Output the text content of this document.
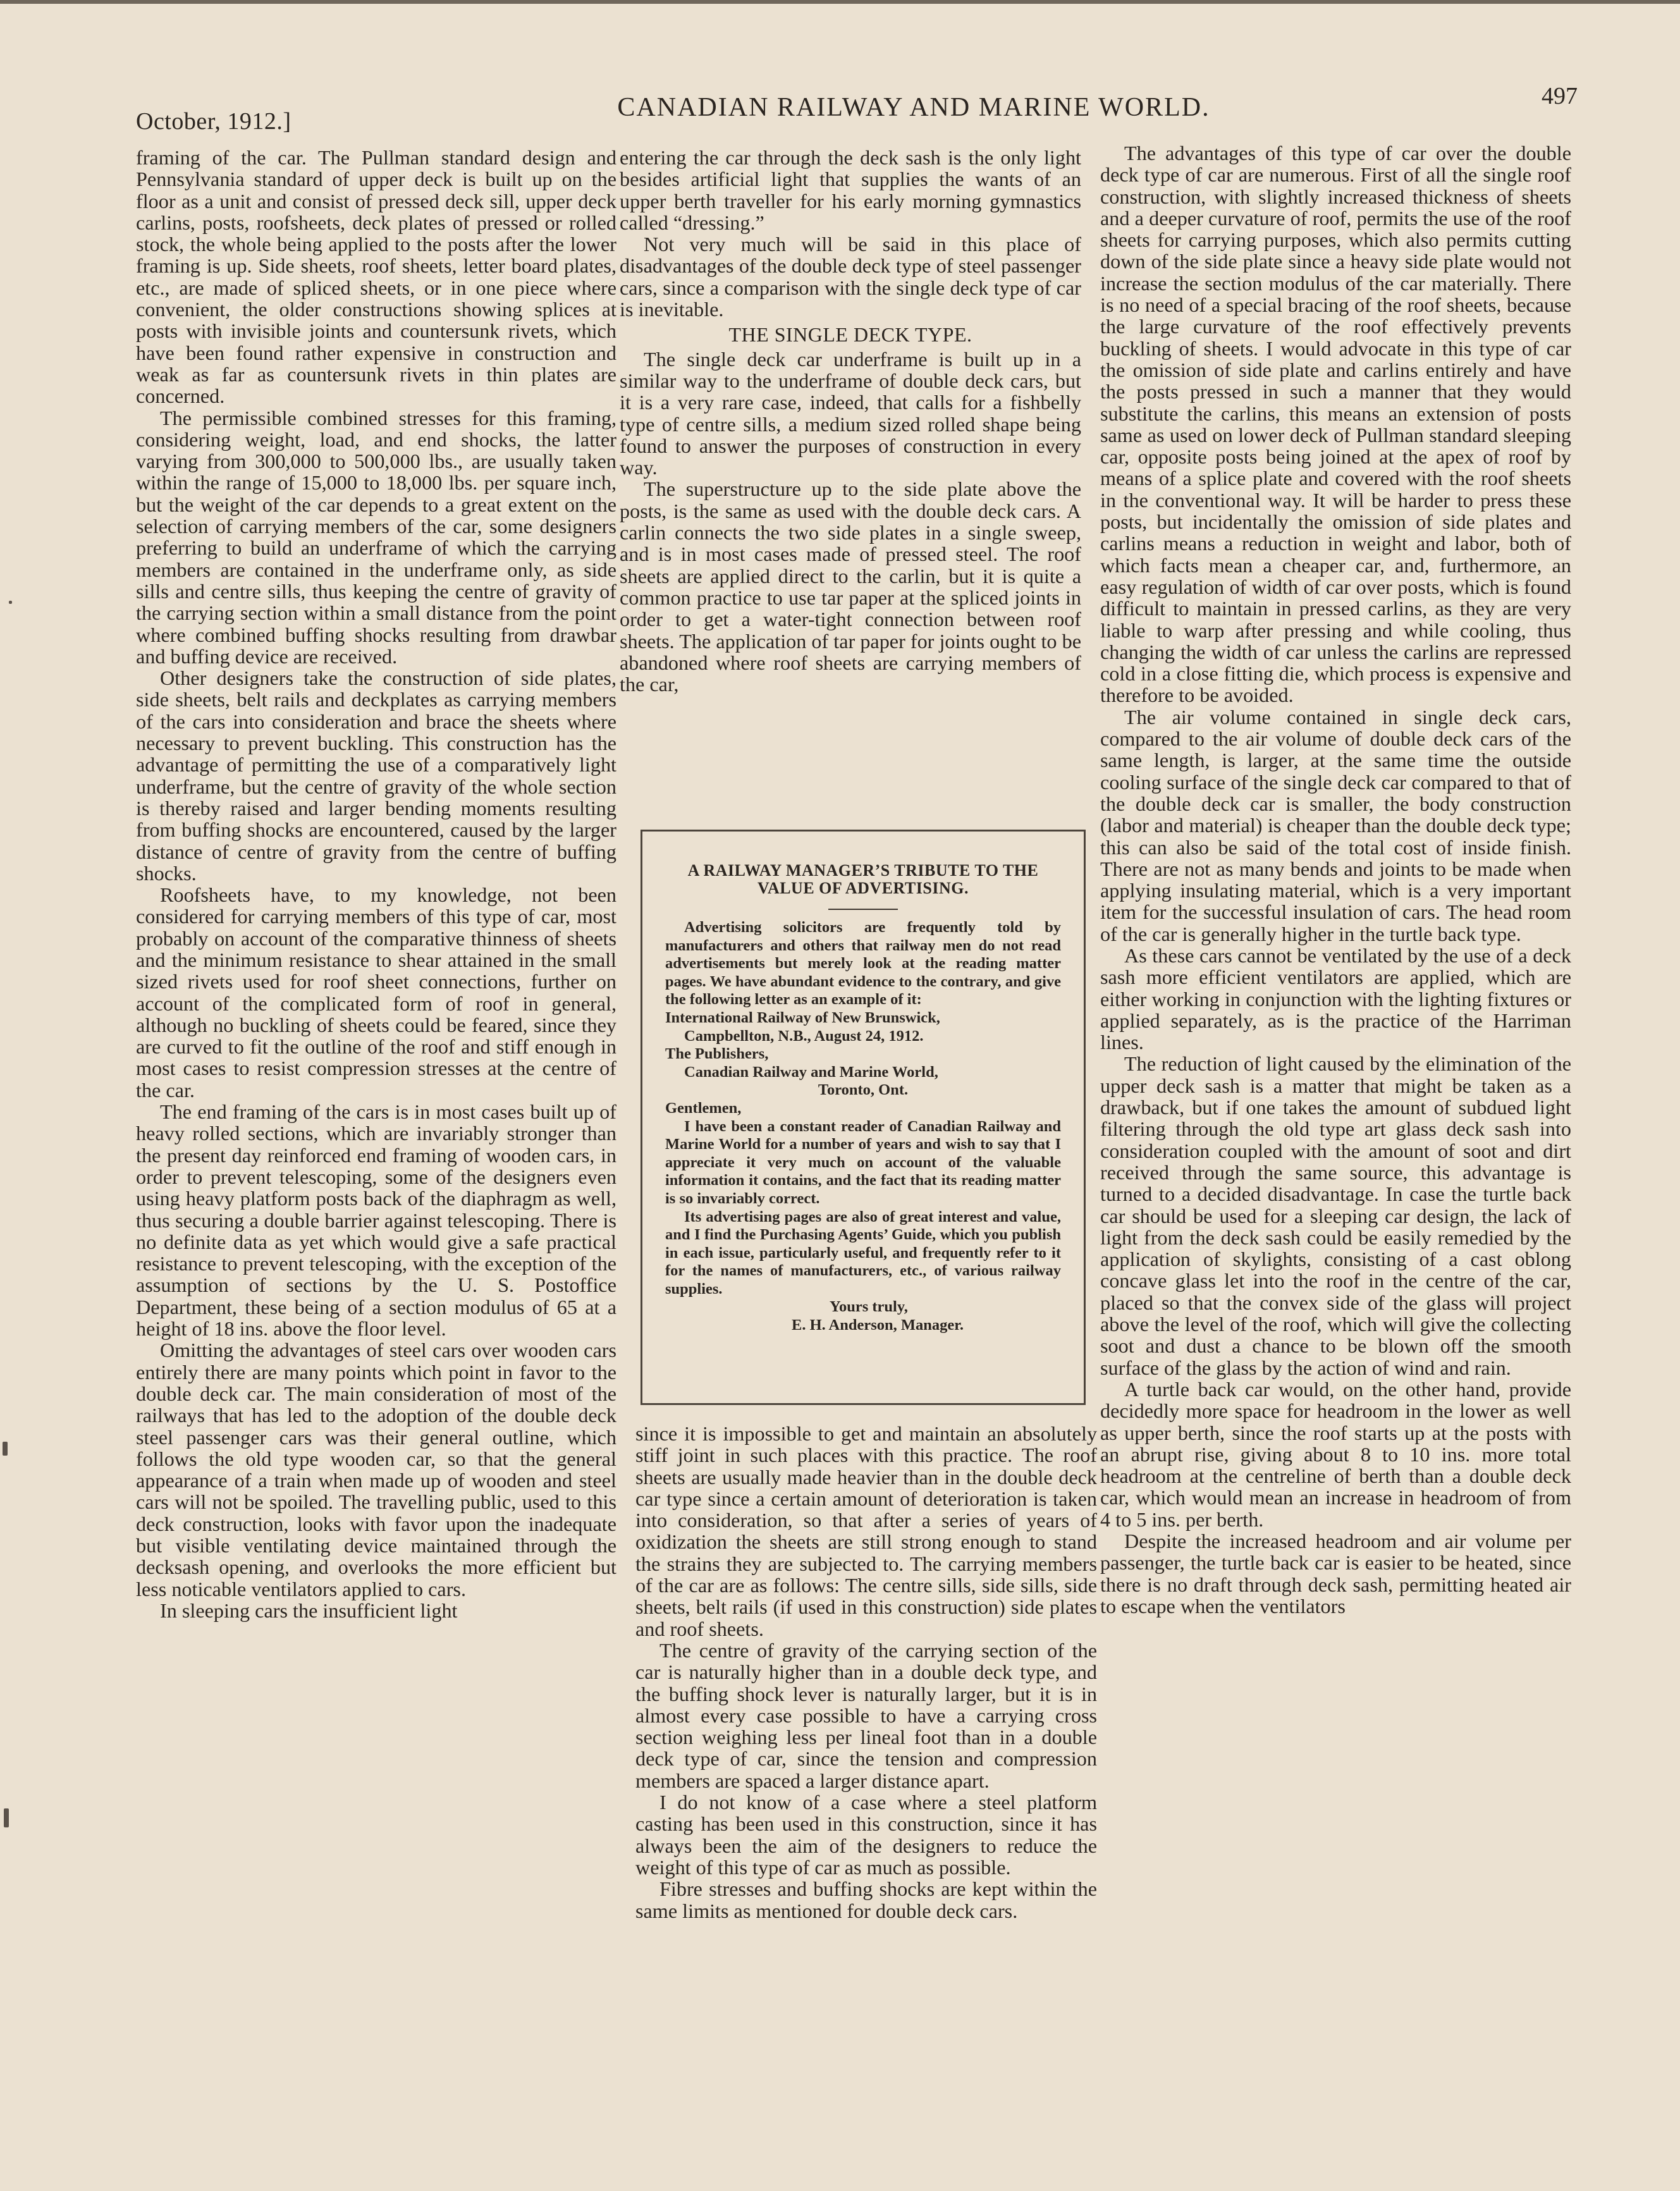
October, 1912.]	CANADIAN RAILWAY AND MARINE WORLD.	497

framing of the car. The Pullman standard design and Pennsylvania standard of upper deck is built up on the floor as a unit and consist of pressed deck sill, upper deck carlins, posts, roofsheets, deck plates of pressed or rolled stock, the whole being applied to the posts after the lower framing is up. Side sheets, roof sheets, letter board plates, etc., are made of spliced sheets, or in one piece where convenient, the older constructions showing splices at posts with invisible joints and countersunk rivets, which have been found rather expensive in construction and weak as far as countersunk rivets in thin plates are concerned.

The permissible combined stresses for this framing, considering weight, load, and end shocks, the latter varying from 300,000 to 500,000 lbs., are usually taken within the range of 15,000 to 18,000 lbs. per square inch, but the weight of the car depends to a great extent on the selection of carrying members of the car, some designers preferring to build an underframe of which the carrying members are contained in the underframe only, as side sills and centre sills, thus keeping the centre of gravity of the carrying section within a small distance from the point where combined buffing shocks resulting from drawbar and buffing device are received.

Other designers take the construction of side plates, side sheets, belt rails and deckplates as carrying members of the cars into consideration and brace the sheets where necessary to prevent buckling. This construction has the advantage of permitting the use of a comparatively light underframe, but the centre of gravity of the whole section is thereby raised and larger bending moments resulting from buffing shocks are encountered, caused by the larger distance of centre of gravity from the centre of buffing shocks.

Roofsheets have, to my knowledge, not been considered for carrying members of this type of car, most probably on account of the comparative thinness of sheets and the minimum resistance to shear attained in the small sized rivets used for roof sheet connections, further on account of the complicated form of roof in general, although no buckling of sheets could be feared, since they are curved to fit the outline of the roof and stiff enough in most cases to resist compression stresses at the centre of the car.

The end framing of the cars is in most cases built up of heavy rolled sections, which are invariably stronger than the present day reinforced end framing of wooden cars, in order to prevent telescoping, some of the designers even using heavy platform posts back of the diaphragm as well, thus securing a double barrier against telescoping. There is no definite data as yet which would give a safe practical resistance to prevent telescoping, with the exception of the assumption of sections by the U. S. Postoffice Department, these being of a section modulus of 65 at a height of 18 ins. above the floor level.

Omitting the advantages of steel cars over wooden cars entirely there are many points which point in favor to the double deck car. The main consideration of most of the railways that has led to the adoption of the double deck steel passenger cars was their general outline, which follows the old type wooden car, so that the general appearance of a train when made up of wooden and steel cars will not be spoiled. The travelling public, used to this deck construction, looks with favor upon the inadequate but visible ventilating device maintained through the decksash opening, and overlooks the more efficient but less noticable ventilators applied to cars.

In sleeping cars the insufficient light

entering the car through the deck sash is the only light besides artificial light that supplies the wants of an upper berth traveller for his early morning gymnastics called “dressing.”

Not very much will be said in this place of disadvantages of the double deck type of steel passenger cars, since a comparison with the single deck type of car is inevitable.

THE SINGLE DECK TYPE.

The single deck car underframe is built up in a similar way to the underframe of double deck cars, but it is a very rare case, indeed, that calls for a fishbelly type of centre sills, a medium sized rolled shape being found to answer the purposes of construction in every way.

The superstructure up to the side plate above the posts, is the same as used with the double deck cars. A carlin connects the two side plates in a single sweep, and is in most cases made of pressed steel. The roof sheets are applied direct to the carlin, but it is quite a common practice to use tar paper at the spliced joints in order to get a water-tight connection between roof sheets. The application of tar paper for joints ought to be abandoned where roof sheets are carrying members of the car,

A RAILWAY MANAGER’S TRIBUTE TO THE VALUE OF ADVERTISING.

Advertising solicitors are frequently told by manufacturers and others that railway men do not read advertisements but merely look at the reading matter pages. We have abundant evidence to the contrary, and give the following letter as an example of it:

International Railway of New Brunswick,

Campbellton, N.B., August 24, 1912.

The Publishers,

Canadian Railway and Marine World,

Toronto, Ont.

Gentlemen,

I have been a constant reader of Canadian Railway and Marine World for a number of years and wish to say that I appreciate it very much on account of the valuable information it contains, and the fact that its reading matter is so invariably correct.

Its advertising pages are also of great interest and value, and I find the Purchasing Agents’ Guide, which you publish in each issue, particularly useful, and frequently refer to it for the names of manufacturers, etc., of various railway supplies.

Yours truly,

E. H. Anderson, Manager.

since it is impossible to get and maintain an absolutely stiff joint in such places with this practice. The roof sheets are usually made heavier than in the double deck car type since a certain amount of deterioration is taken into consideration, so that after a series of years of oxidization the sheets are still strong enough to stand the strains they are subjected to. The carrying members of the car are as follows: The centre sills, side sills, side sheets, belt rails (if used in this construction) side plates and roof sheets.

The centre of gravity of the carrying section of the car is naturally higher than in a double deck type, and the buffing shock lever is naturally larger, but it is in almost every case possible to have a carrying cross section weighing less per lineal foot than in a double deck type of car, since the tension and compression members are spaced a larger distance apart.

I do not know of a case where a steel platform casting has been used in this construction, since it has always been the aim of the designers to reduce the weight of this type of car as much as possible.

Fibre stresses and buffing shocks are kept within the same limits as mentioned for double deck cars.

The advantages of this type of car over the double deck type of car are numerous. First of all the single roof construction, with slightly increased thickness of sheets and a deeper curvature of roof, permits the use of the roof sheets for carrying purposes, which also permits cutting down of the side plate since a heavy side plate would not increase the section modulus of the car materially. There is no need of a special bracing of the roof sheets, because the large curvature of the roof effectively prevents buckling of sheets. I would advocate in this type of car the omission of side plate and carlins entirely and have the posts pressed in such a manner that they would substitute the carlins, this means an extension of posts same as used on lower deck of Pullman standard sleeping car, opposite posts being joined at the apex of roof by means of a splice plate and covered with the roof sheets in the conventional way. It will be harder to press these posts, but incidentally the omission of side plates and carlins means a reduction in weight and labor, both of which facts mean a cheaper car, and, furthermore, an easy regulation of width of car over posts, which is found difficult to maintain in pressed carlins, as they are very liable to warp after pressing and while cooling, thus changing the width of car unless the carlins are repressed cold in a close fitting die, which process is expensive and therefore to be avoided.

The air volume contained in single deck cars, compared to the air volume of double deck cars of the same length, is larger, at the same time the outside cooling surface of the single deck car compared to that of the double deck car is smaller, the body construction (labor and material) is cheaper than the double deck type; this can also be said of the total cost of inside finish. There are not as many bends and joints to be made when applying insulating material, which is a very important item for the successful insulation of cars. The head room of the car is generally higher in the turtle back type.

As these cars cannot be ventilated by the use of a deck sash more efficient ventilators are applied, which are either working in conjunction with the lighting fixtures or applied separately, as is the practice of the Harriman lines.

The reduction of light caused by the elimination of the upper deck sash is a matter that might be taken as a drawback, but if one takes the amount of subdued light filtering through the old type art glass deck sash into consideration coupled with the amount of soot and dirt received through the same source, this advantage is turned to a decided disadvantage. In case the turtle back car should be used for a sleeping car design, the lack of light from the deck sash could be easily remedied by the application of skylights, consisting of a cast oblong concave glass let into the roof in the centre of the car, placed so that the convex side of the glass will project above the level of the roof, which will give the collecting soot and dust a chance to be blown off the smooth surface of the glass by the action of wind and rain.

A turtle back car would, on the other hand, provide decidedly more space for headroom in the lower as well as upper berth, since the roof starts up at the posts with an abrupt rise, giving about 8 to 10 ins. more total headroom at the centreline of berth than a double deck car, which would mean an increase in headroom of from 4 to 5 ins. per berth.

Despite the increased headroom and air volume per passenger, the turtle back car is easier to be heated, since there is no draft through deck sash, permitting heated air to escape when the ventilators
